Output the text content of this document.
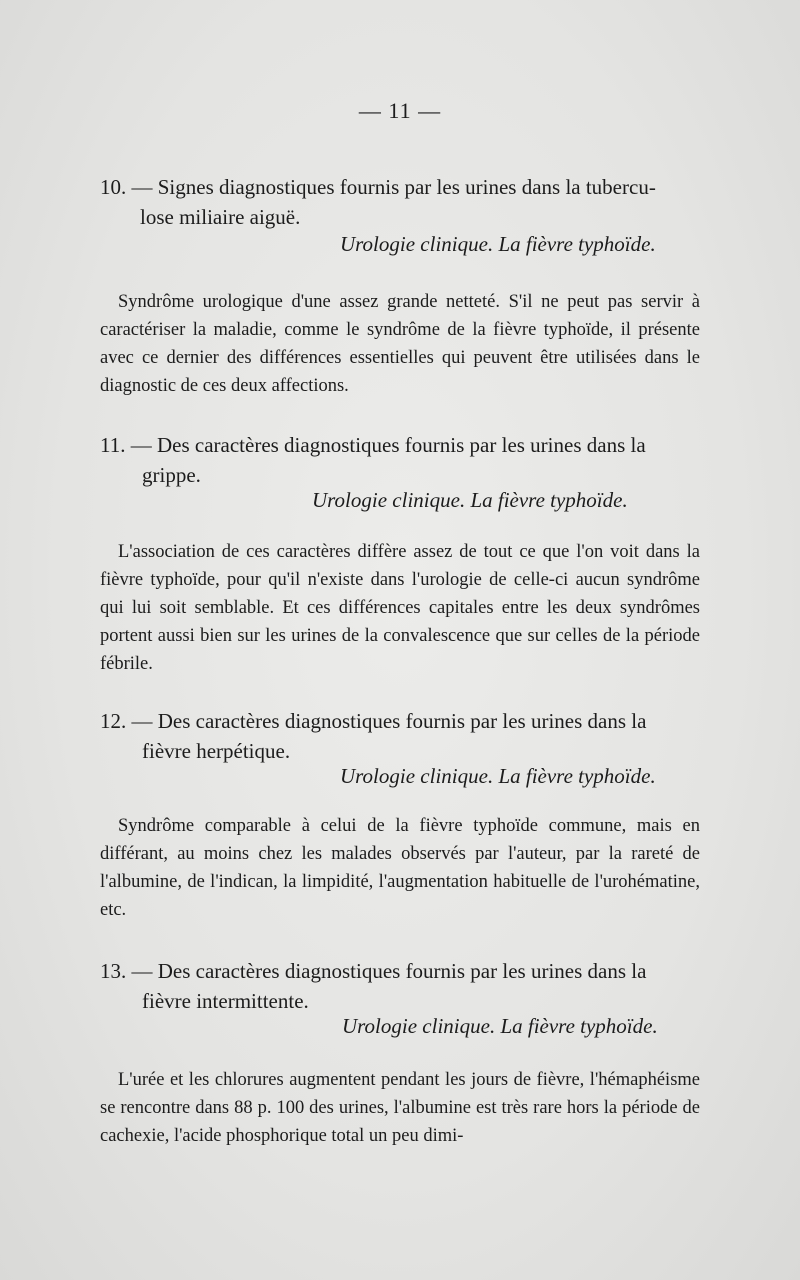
— 11 —
10. — Signes diagnostiques fournis par les urines dans la tubercu-
lose miliaire aiguë.
Urologie clinique. La fièvre typhoïde.
Syndrôme urologique d'une assez grande netteté. S'il ne peut pas servir à caractériser la maladie, comme le syndrôme de la fièvre typhoïde, il présente avec ce dernier des différences essentielles qui peuvent être utilisées dans le diagnostic de ces deux affections.
11. — Des caractères diagnostiques fournis par les urines dans la
grippe.
Urologie clinique. La fièvre typhoïde.
L'association de ces caractères diffère assez de tout ce que l'on voit dans la fièvre typhoïde, pour qu'il n'existe dans l'urologie de celle-ci aucun syndrôme qui lui soit semblable. Et ces différences capitales entre les deux syndrômes portent aussi bien sur les urines de la convalescence que sur celles de la période fébrile.
12. — Des caractères diagnostiques fournis par les urines dans la
fièvre herpétique.
Urologie clinique. La fièvre typhoïde.
Syndrôme comparable à celui de la fièvre typhoïde commune, mais en différant, au moins chez les malades observés par l'auteur, par la rareté de l'albumine, de l'indican, la limpidité, l'augmentation habituelle de l'urohématine, etc.
13. — Des caractères diagnostiques fournis par les urines dans la
fièvre intermittente.
Urologie clinique. La fièvre typhoïde.
L'urée et les chlorures augmentent pendant les jours de fièvre, l'hémaphéisme se rencontre dans 88 p. 100 des urines, l'albumine est très rare hors la période de cachexie, l'acide phosphorique total un peu dimi-
